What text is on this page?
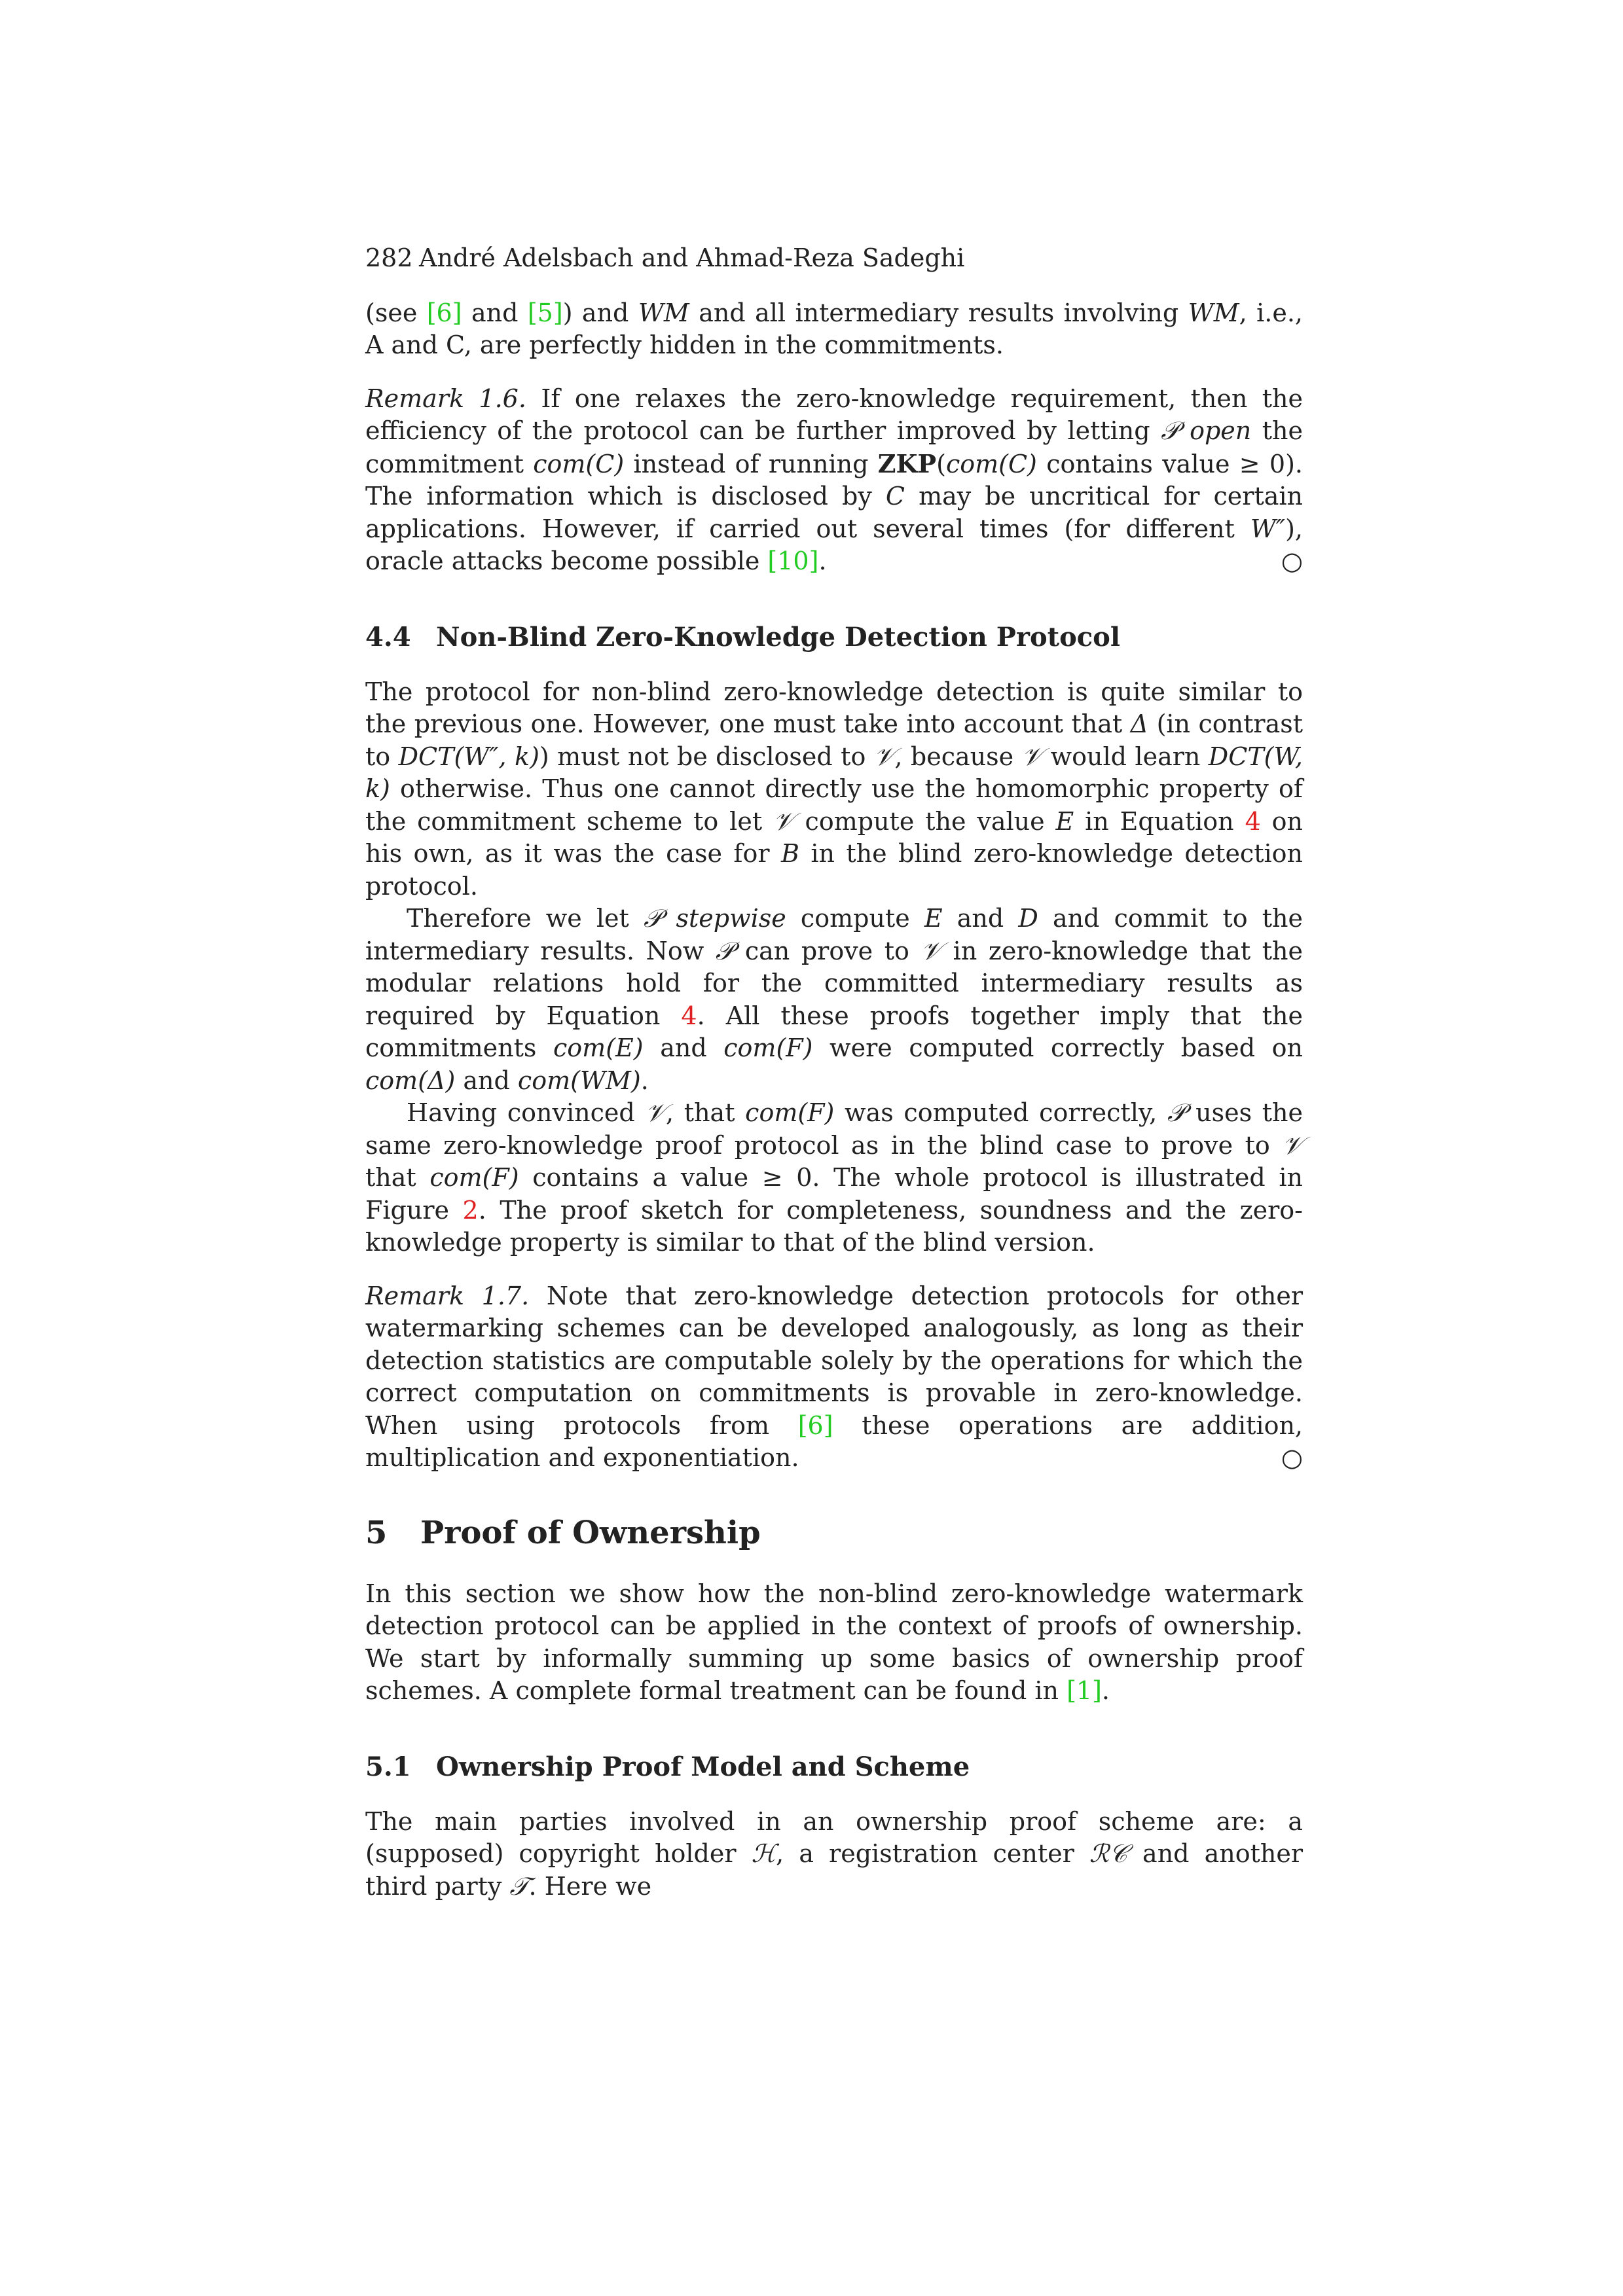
282 André Adelsbach and Ahmad-Reza Sadeghi

(see [6] and [5]) and WM and all intermediary results involving WM, i.e., A and C, are perfectly hidden in the commitments.

Remark 1.6. If one relaxes the zero-knowledge requirement, then the efficiency of the protocol can be further improved by letting 𝒫 open the commitment com(C) instead of running ZKP(com(C) contains value ≥ 0). The information which is disclosed by C may be uncritical for certain applications. However, if carried out several times (for different W″), oracle attacks become possible [10].	○

4.4 Non-Blind Zero-Knowledge Detection Protocol

The protocol for non-blind zero-knowledge detection is quite similar to the previous one. However, one must take into account that Δ (in contrast to DCT(W″, k)) must not be disclosed to 𝒱, because 𝒱 would learn DCT(W, k) otherwise. Thus one cannot directly use the homomorphic property of the commitment scheme to let 𝒱 compute the value E in Equation 4 on his own, as it was the case for B in the blind zero-knowledge detection protocol.

Therefore we let 𝒫 stepwise compute E and D and commit to the intermediary results. Now 𝒫 can prove to 𝒱 in zero-knowledge that the modular relations hold for the committed intermediary results as required by Equation 4. All these proofs together imply that the commitments com(E) and com(F) were computed correctly based on com(Δ) and com(WM).

Having convinced 𝒱, that com(F) was computed correctly, 𝒫 uses the same zero-knowledge proof protocol as in the blind case to prove to 𝒱 that com(F) contains a value ≥ 0. The whole protocol is illustrated in Figure 2. The proof sketch for completeness, soundness and the zero-knowledge property is similar to that of the blind version.

Remark 1.7. Note that zero-knowledge detection protocols for other watermarking schemes can be developed analogously, as long as their detection statistics are computable solely by the operations for which the correct computation on commitments is provable in zero-knowledge. When using protocols from [6] these operations are addition, multiplication and exponentiation.	○

5 Proof of Ownership

In this section we show how the non-blind zero-knowledge watermark detection protocol can be applied in the context of proofs of ownership. We start by informally summing up some basics of ownership proof schemes. A complete formal treatment can be found in [1].

5.1 Ownership Proof Model and Scheme

The main parties involved in an ownership proof scheme are: a (supposed) copyright holder ℋ, a registration center ℛ𝒞 and another third party 𝒯. Here we
